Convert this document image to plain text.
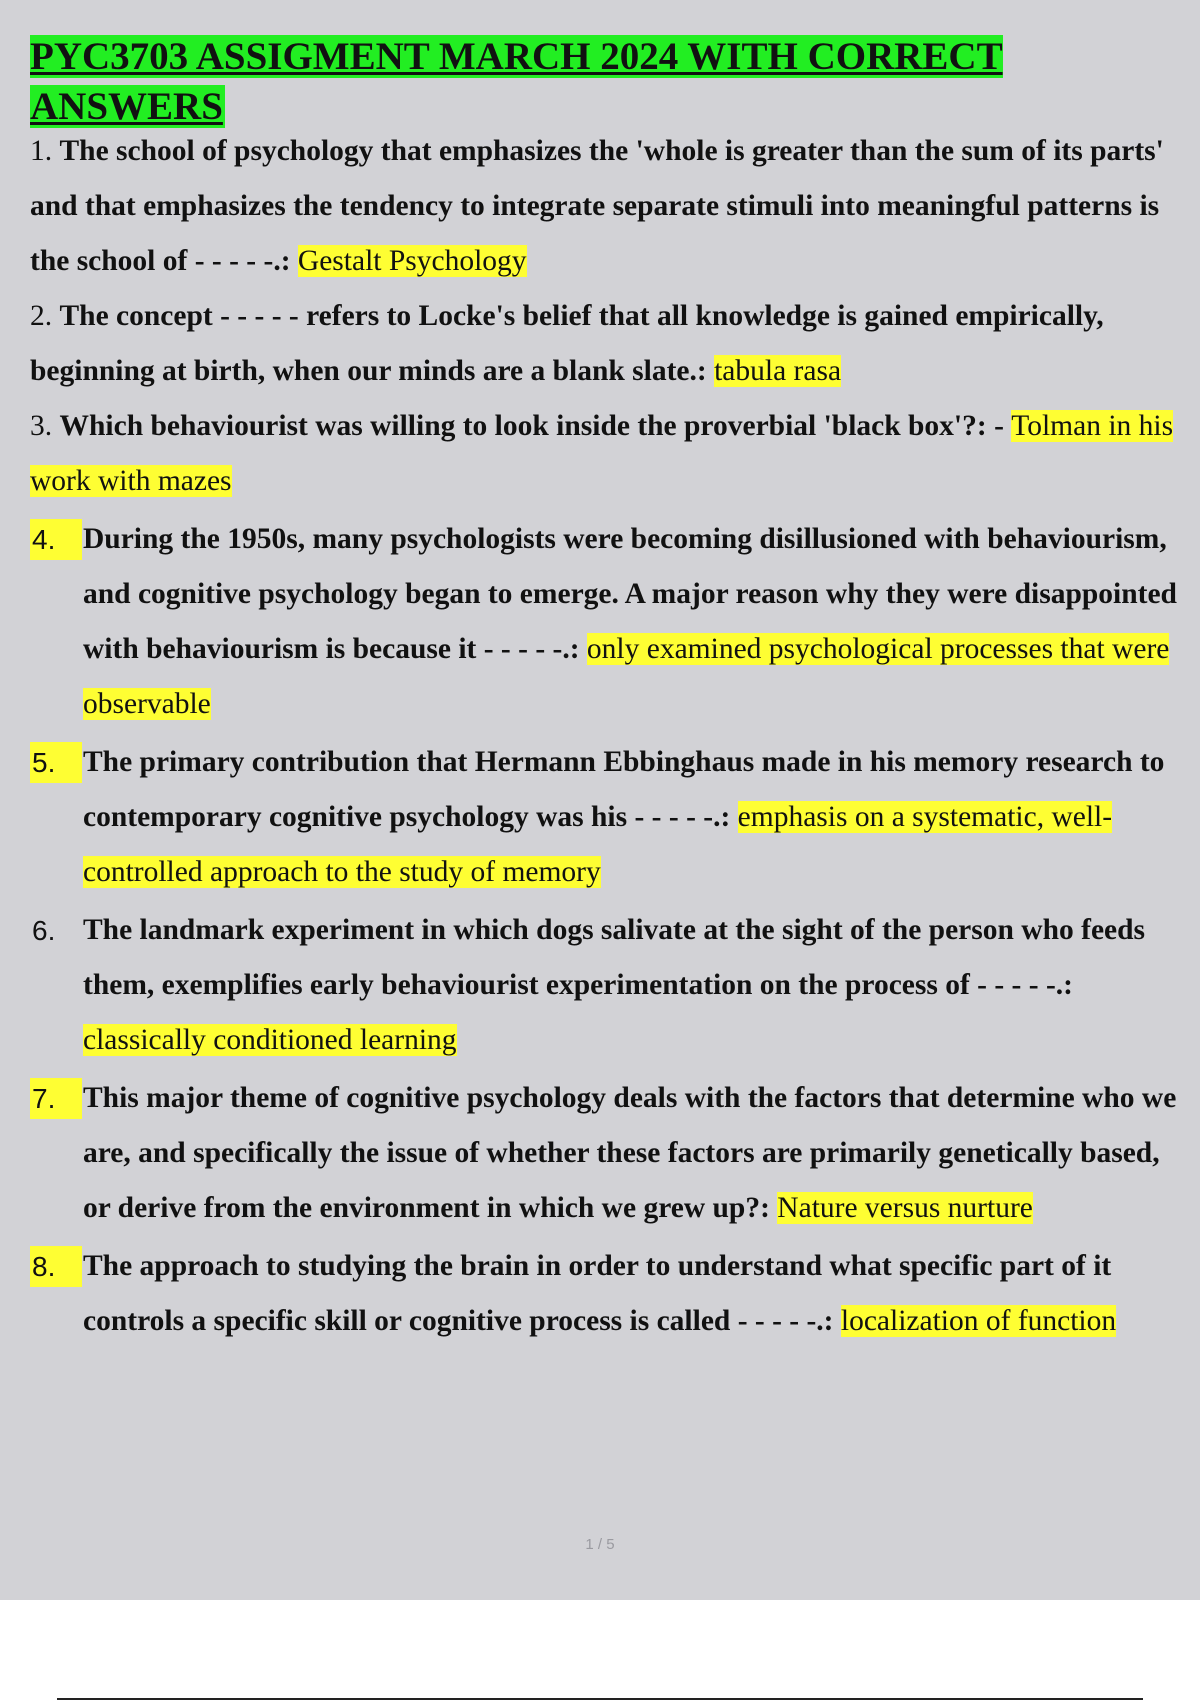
PYC3703 ASSIGMENT MARCH 2024 WITH CORRECT ANSWERS
1. The school of psychology that emphasizes the 'whole is greater than the sum of its parts' and that emphasizes the tendency to integrate separate stimuli into meaningful patterns is the school of - - - - -.: Gestalt Psychology
2. The concept - - - - - refers to Locke's belief that all knowledge is gained empirically, beginning at birth, when our minds are a blank slate.: tabula rasa
3. Which behaviourist was willing to look inside the proverbial 'black box'?: - Tolman in his work with mazes
4. During the 1950s, many psychologists were becoming disillusioned with behaviourism, and cognitive psychology began to emerge. A major reason why they were disappointed with behaviourism is because it - - - - -.: only examined psychological processes that were observable
5. The primary contribution that Hermann Ebbinghaus made in his memory research to contemporary cognitive psychology was his - - - - -.: emphasis on a systematic, well-controlled approach to the study of memory
6. The landmark experiment in which dogs salivate at the sight of the person who feeds them, exemplifies early behaviourist experimentation on the process of - - - - -.: classically conditioned learning
7. This major theme of cognitive psychology deals with the factors that determine who we are, and specifically the issue of whether these factors are primarily genetically based, or derive from the environment in which we grew up?: Nature versus nurture
8. The approach to studying the brain in order to understand what specific part of it controls a specific skill or cognitive process is called - - - - -.: localization of function
1 / 5
